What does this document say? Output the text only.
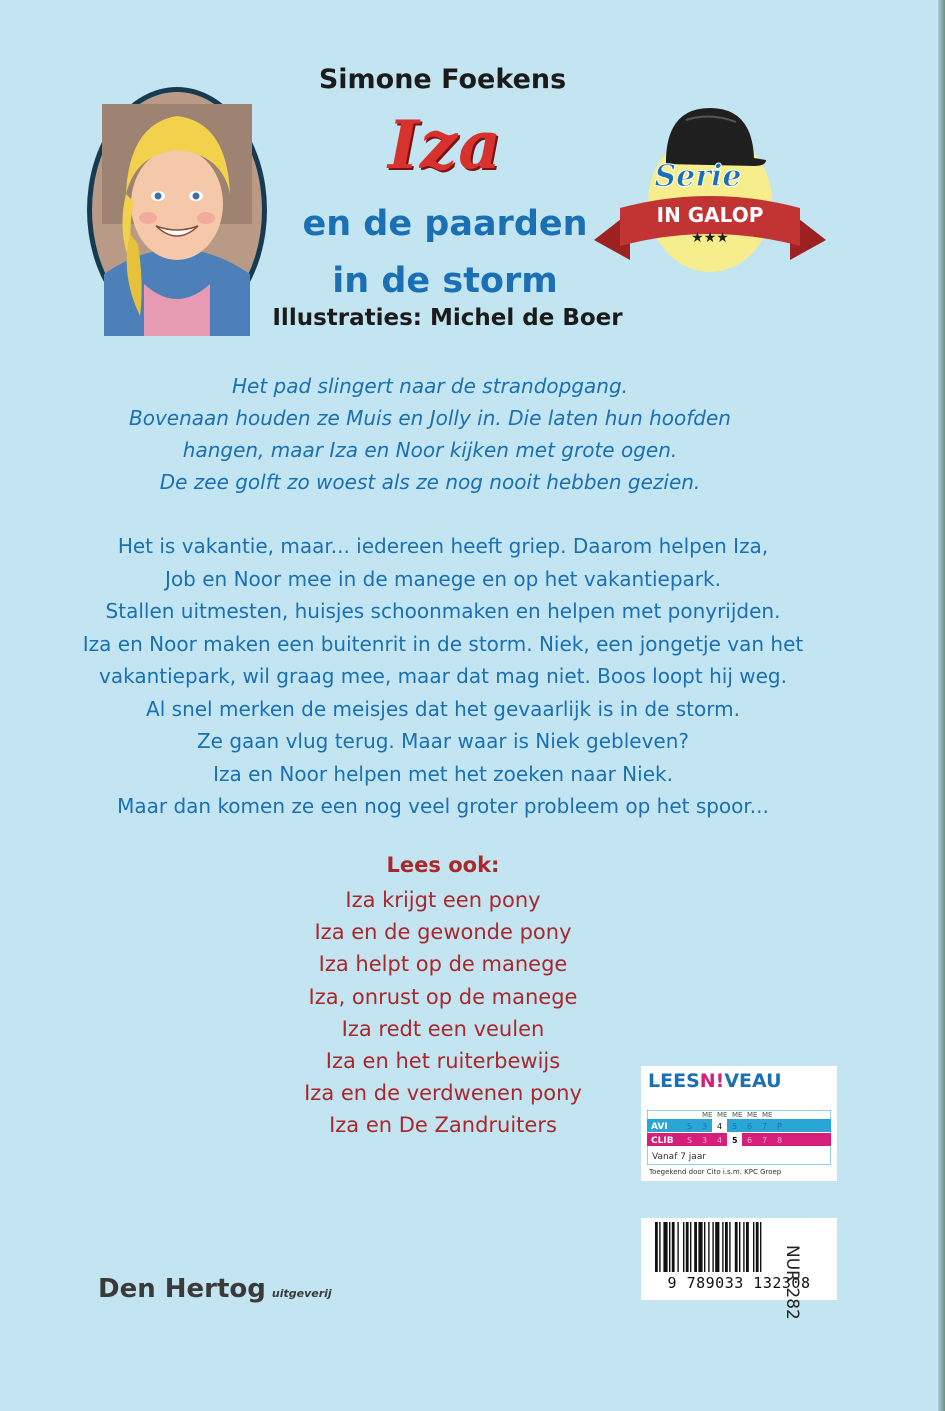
Simone Foekens
Iza
en de paarden
in de storm
Illustraties: Michel de Boer
Serie
IN GALOP
★★★
Het pad slingert naar de strandopgang.
Bovenaan houden ze Muis en Jolly in. Die laten hun hoofden
hangen, maar Iza en Noor kijken met grote ogen.
De zee golft zo woest als ze nog nooit hebben gezien.
Het is vakantie, maar... iedereen heeft griep. Daarom helpen Iza,
Job en Noor mee in de manege en op het vakantiepark.
Stallen uitmesten, huisjes schoonmaken en helpen met ponyrijden.
Iza en Noor maken een buitenrit in de storm. Niek, een jongetje van het
vakantiepark, wil graag mee, maar dat mag niet. Boos loopt hij weg.
Al snel merken de meisjes dat het gevaarlijk is in de storm.
Ze gaan vlug terug. Maar waar is Niek gebleven?
Iza en Noor helpen met het zoeken naar Niek.
Maar dan komen ze een nog veel groter probleem op het spoor...
Lees ook:
Iza krijgt een pony
Iza en de gewonde pony
Iza helpt op de manege
Iza, onrust op de manege
Iza redt een veulen
Iza en het ruiterbewijs
Iza en de verdwenen pony
Iza en De Zandruiters
LEESN!VEAU
ME ME ME ME ME
AVI S 3 4 5 6 7 P
CLIB S 3 4 5 6 7 8
Vanaf 7 jaar
Toegekend door Cito i.s.m. KPC Groep
9 789033 132308
NUR 282
Den Hertog uitgeverij
